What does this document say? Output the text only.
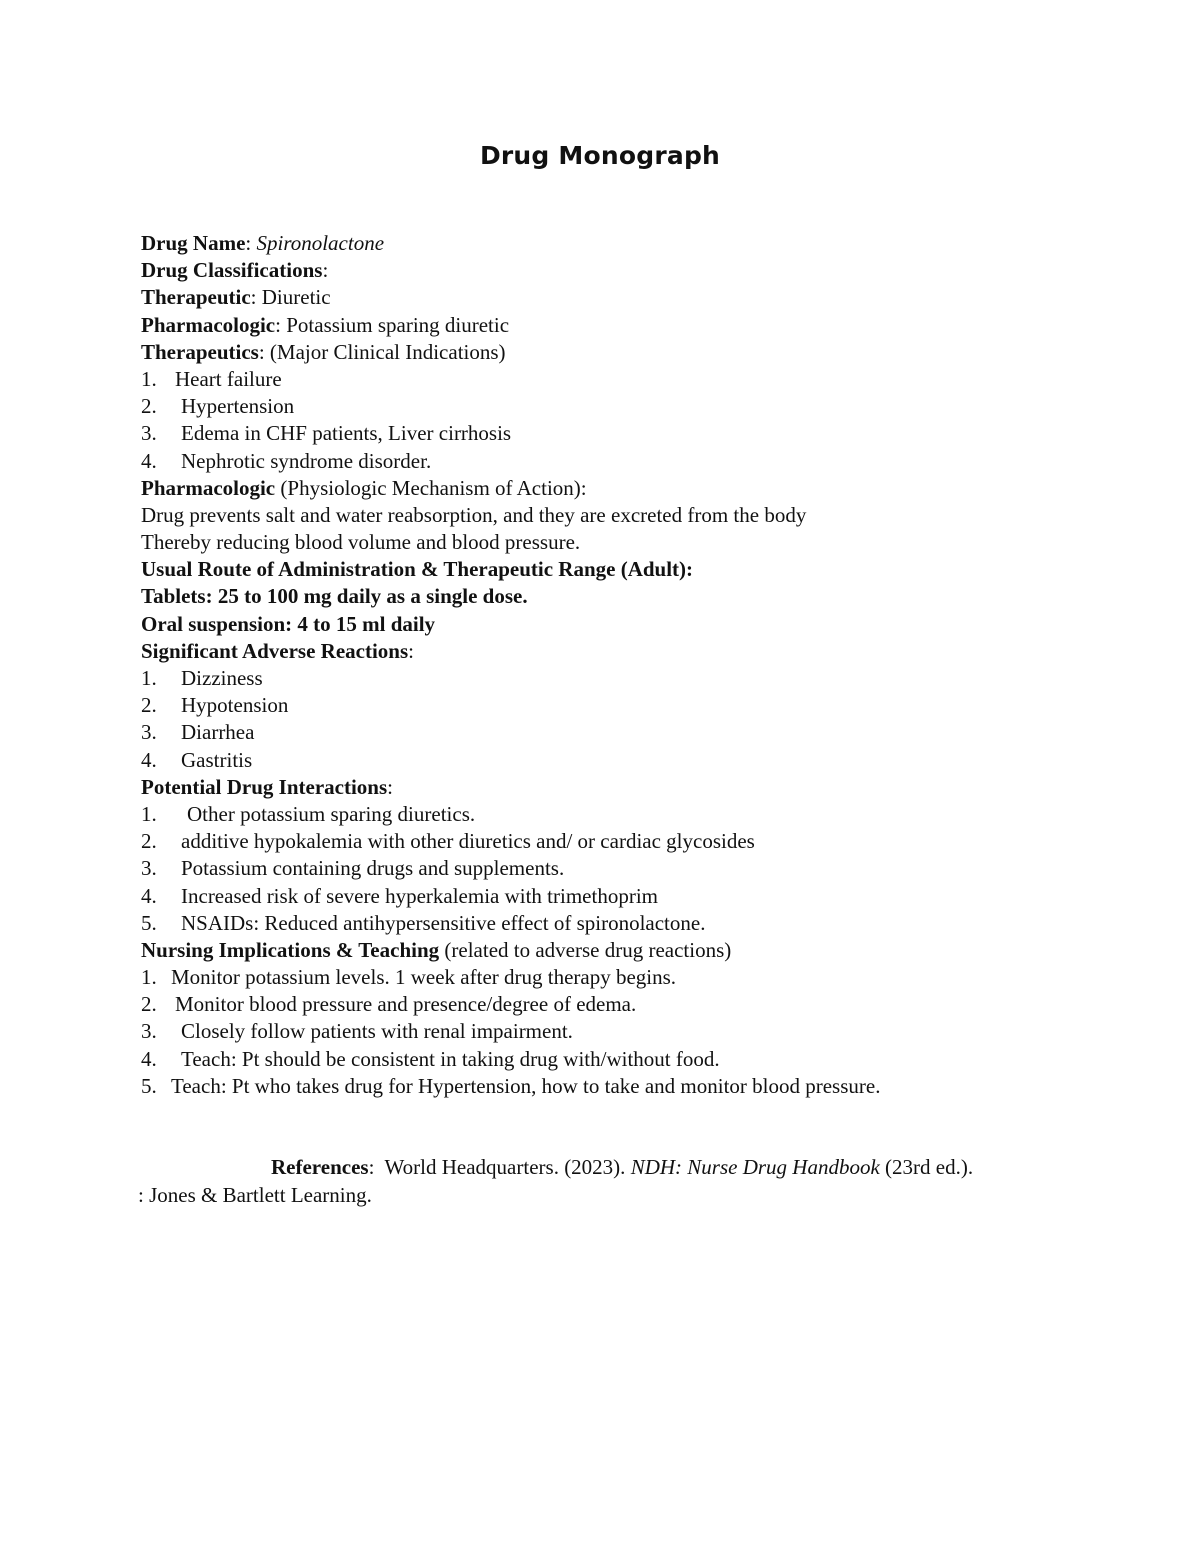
Drug Monograph
Drug Name: Spironolactone
Drug Classifications:
Therapeutic: Diuretic
Pharmacologic: Potassium sparing diuretic
Therapeutics: (Major Clinical Indications)
1. Heart failure
2. Hypertension
3. Edema in CHF patients, Liver cirrhosis
4. Nephrotic syndrome disorder.
Pharmacologic (Physiologic Mechanism of Action):
Drug prevents salt and water reabsorption, and they are excreted from the body
Thereby reducing blood volume and blood pressure.
Usual Route of Administration & Therapeutic Range (Adult):
Tablets: 25 to 100 mg daily as a single dose.
Oral suspension: 4 to 15 ml daily
Significant Adverse Reactions:
1. Dizziness
2. Hypotension
3. Diarrhea
4. Gastritis
Potential Drug Interactions:
1. Other potassium sparing diuretics.
2. additive hypokalemia with other diuretics and/ or cardiac glycosides
3. Potassium containing drugs and supplements.
4. Increased risk of severe hyperkalemia with trimethoprim
5. NSAIDs: Reduced antihypersensitive effect of spironolactone.
Nursing Implications & Teaching (related to adverse drug reactions)
1. Monitor potassium levels. 1 week after drug therapy begins.
2. Monitor blood pressure and presence/degree of edema.
3. Closely follow patients with renal impairment.
4. Teach: Pt should be consistent in taking drug with/without food.
5. Teach: Pt who takes drug for Hypertension, how to take and monitor blood pressure.
References:  World Headquarters. (2023). NDH: Nurse Drug Handbook (23rd ed.).
: Jones & Bartlett Learning.
